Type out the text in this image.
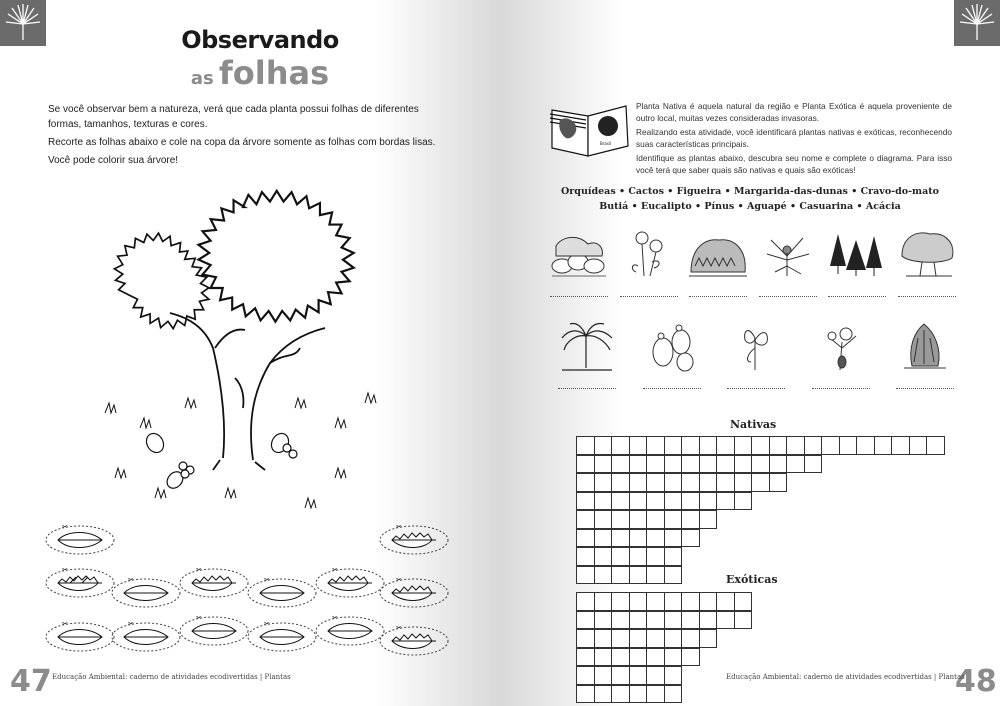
Observando
as folhas

Se você observar bem a natureza, verá que cada planta possui folhas de diferentes formas, tamanhos, texturas e cores.

Recorte as folhas abaixo e cole na copa da árvore somente as folhas com bordas lisas.

Você pode colorir sua árvore!

✂	✂
✂
✂
✂
✂
✂
✂
✂	✂
✂
✂
✂
✂
47 Educação Ambiental: caderno de atividades ecodivertidas | Plantas	48
Educação Ambiental: caderno de atividades ecodivertidas | Plantas
Brasil

Planta Nativa é aquela natural da região e Planta Exótica é aquela proveniente de outro local, muitas vezes consideradas invasoras.

Realizando esta atividade, você identificará plantas nativas e exóticas, reconhecendo suas características principais.

Identifique as plantas abaixo, descubra seu nome e complete o diagrama. Para isso você terá que saber quais são nativas e quais são exóticas!

Orquídeas • Cactos • Figueira • Margarida-das-dunas • Cravo-do-mato
Butiá • Eucalipto • Pínus • Aguapé • Casuarina • Acácia
Nativas
Exóticas
